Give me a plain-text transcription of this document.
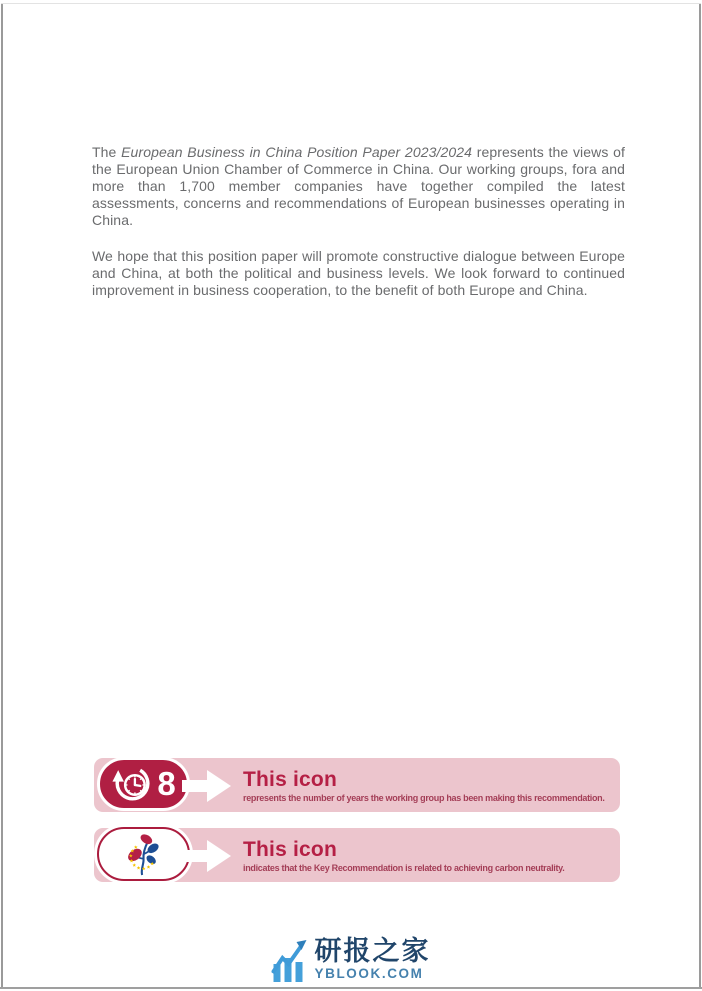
The European Business in China Position Paper 2023/2024 represents the views of the European Union Chamber of Commerce in China. Our working groups, fora and more than 1,700 member companies have together compiled the latest assessments, concerns and recommendations of European businesses operating in China.

We hope that this position paper will promote constructive dialogue between Europe and China, at both the political and business levels. We look forward to continued improvement in business cooperation, to the benefit of both Europe and China.

8	This icon
represents the number of years the working group has been making this recommendation.
This icon
indicates that the Key Recommendation is related to achieving carbon neutrality.
研报之家
YBLOOK.COM
